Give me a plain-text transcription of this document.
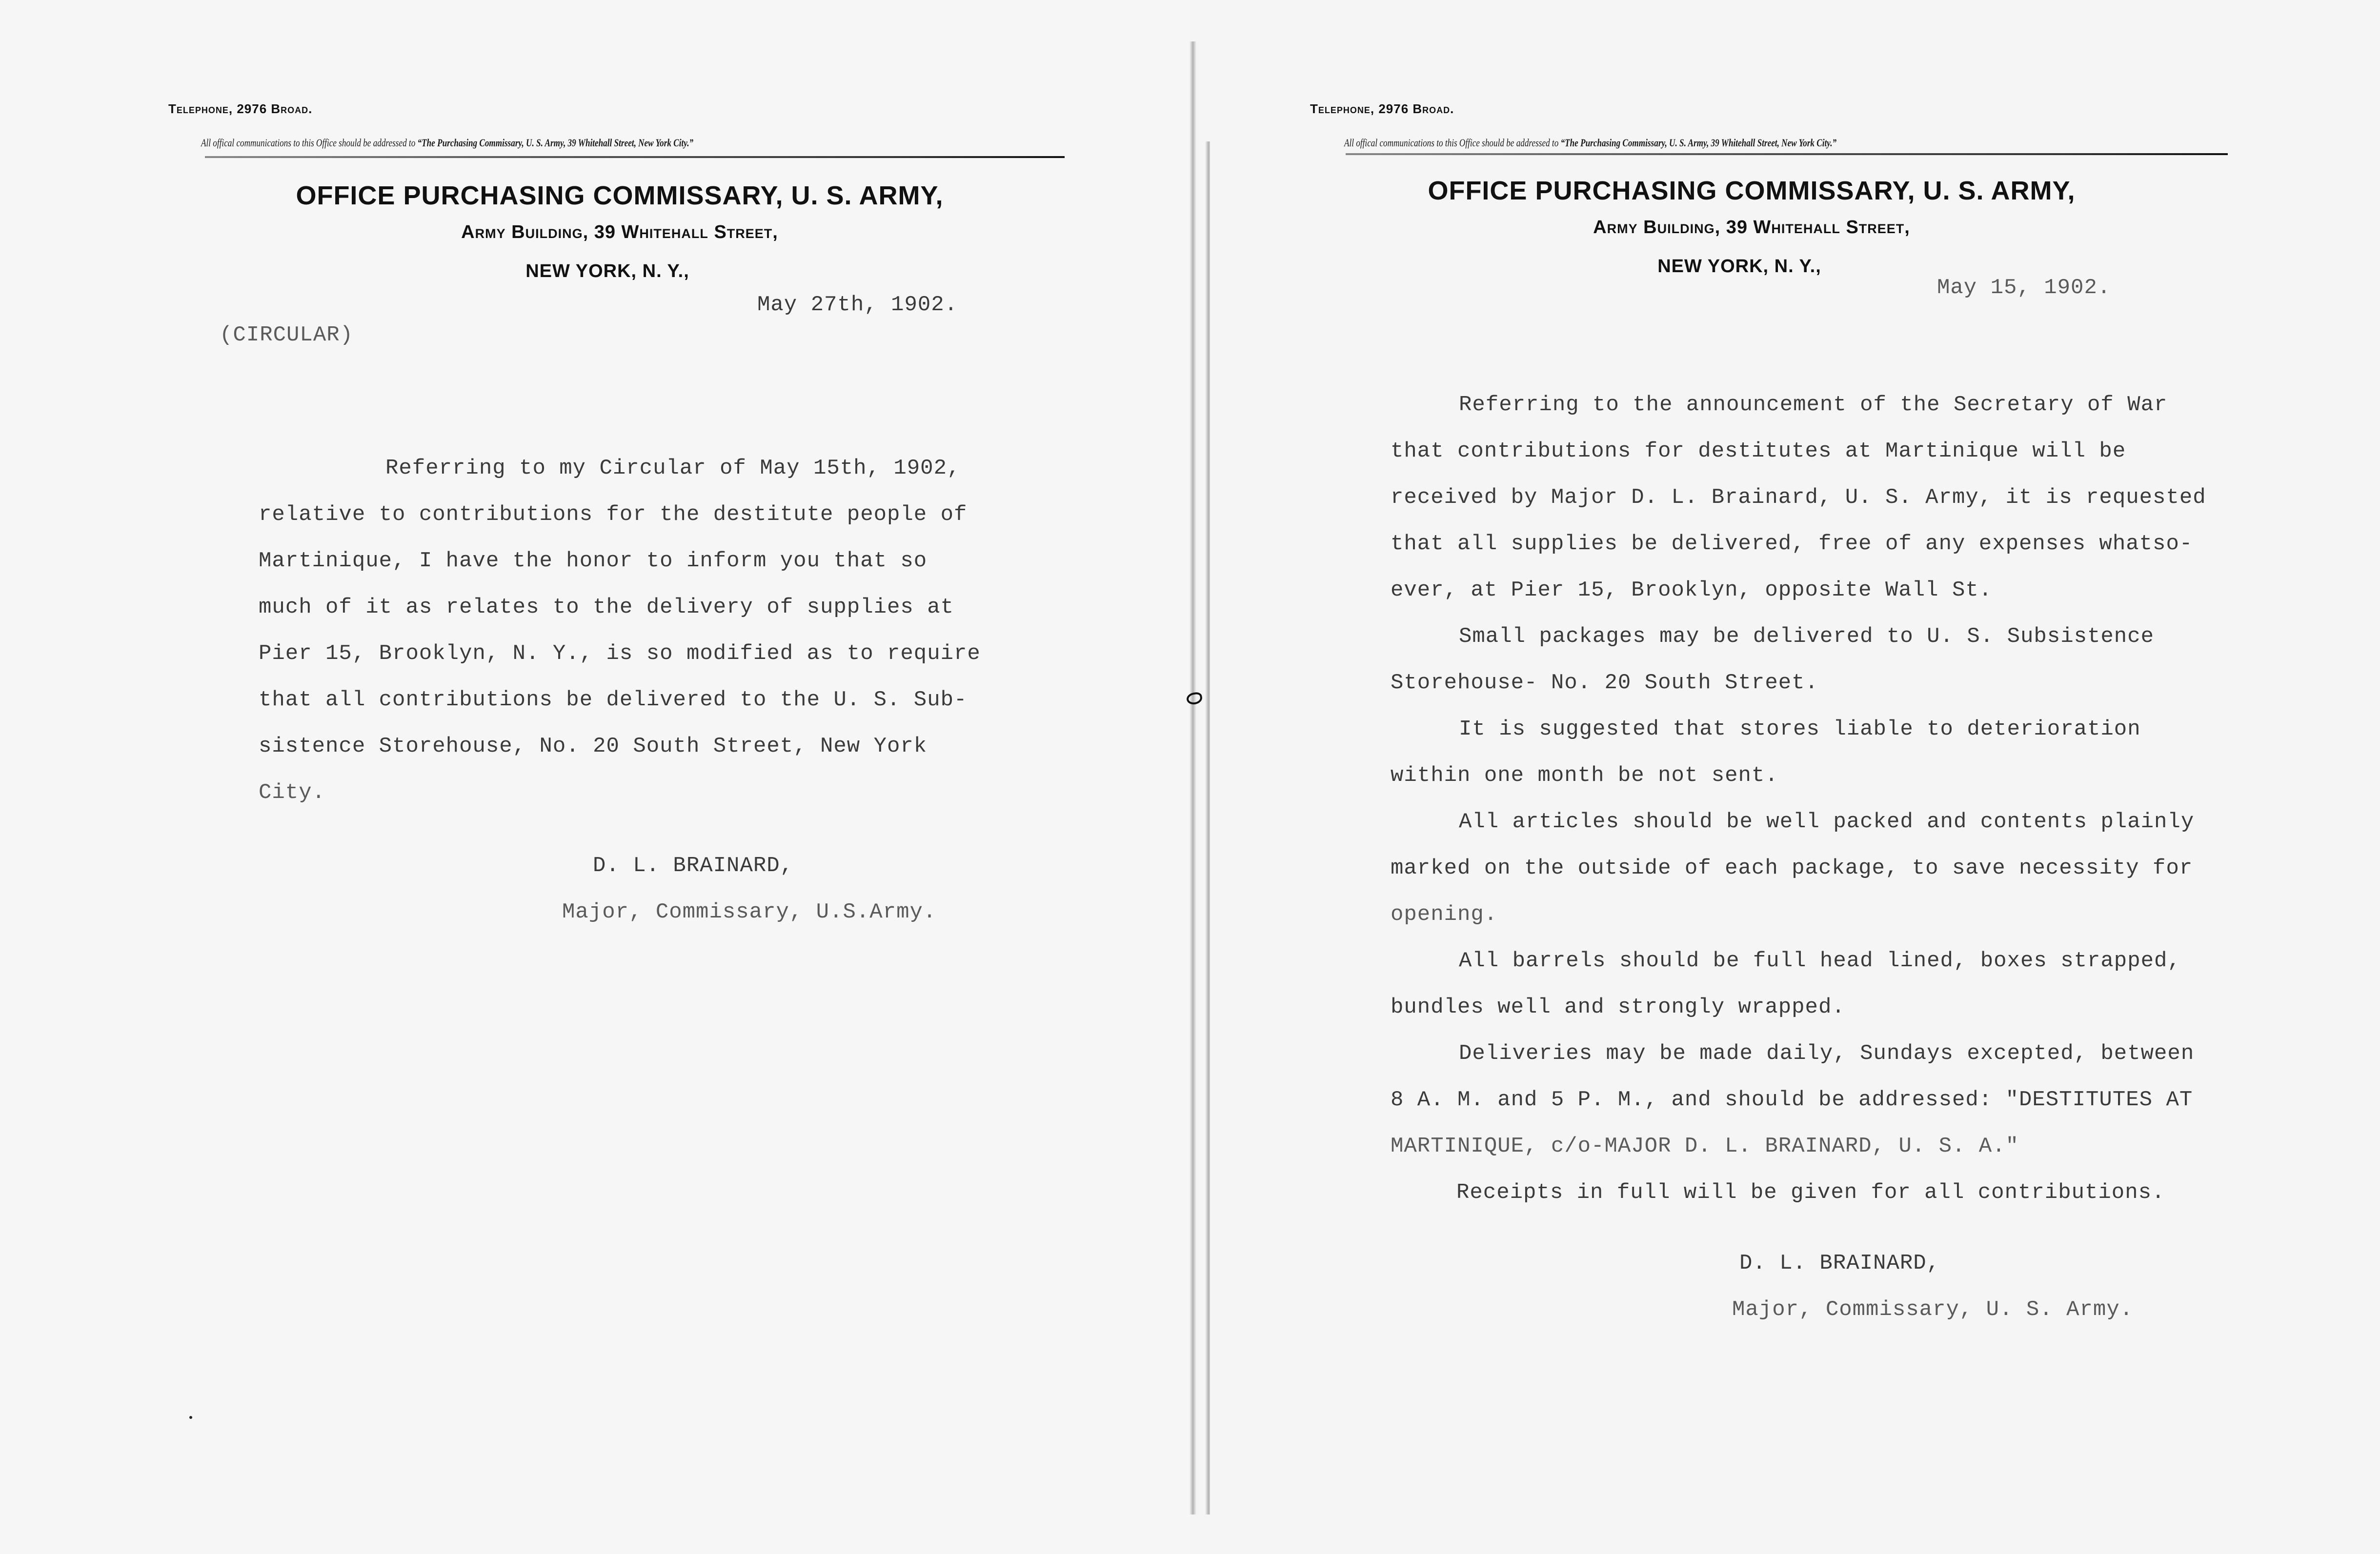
Telephone, 2976 Broad.
All offical communications to this Office should be addressed to “The Purchasing Commissary, U. S. Army, 39 Whitehall Street, New York City.”
OFFICE PURCHASING COMMISSARY, U. S. ARMY,
Army Building, 39 Whitehall Street,
NEW YORK, N. Y.,
May 27th, 1902.
(CIRCULAR)
Referring to my Circular of May 15th, 1902,
relative to contributions for the destitute people of
Martinique, I have the honor to inform you that so
much of it as relates to the delivery of supplies at
Pier 15, Brooklyn, N. Y., is so modified as to require
that all contributions be delivered to the U. S. Sub-
sistence Storehouse, No. 20 South Street, New York
City.
D. L. BRAINARD,
Major, Commissary, U.S.Army.
Telephone, 2976 Broad.
All offical communications to this Office should be addressed to “The Purchasing Commissary, U. S. Army, 39 Whitehall Street, New York City.”
OFFICE PURCHASING COMMISSARY, U. S. ARMY,
Army Building, 39 Whitehall Street,
NEW YORK, N. Y.,
May 15, 1902.
Referring to the announcement of the Secretary of War
that contributions for destitutes at Martinique will be
received by Major D. L. Brainard, U. S. Army, it is requested
that all supplies be delivered, free of any expenses whatso-
ever, at Pier 15, Brooklyn, opposite Wall St.
Small packages may be delivered to U. S. Subsistence
Storehouse- No. 20 South Street.
It is suggested that stores liable to deterioration
within one month be not sent.
All articles should be well packed and contents plainly
marked on the outside of each package, to save necessity for
opening.
All barrels should be full head lined, boxes strapped,
bundles well and strongly wrapped.
Deliveries may be made daily, Sundays excepted, between
8 A. M. and 5 P. M., and should be addressed: "DESTITUTES AT
MARTINIQUE, c/o-MAJOR D. L. BRAINARD, U. S. A."
Receipts in full will be given for all contributions.
D. L. BRAINARD,
Major, Commissary, U. S. Army.
